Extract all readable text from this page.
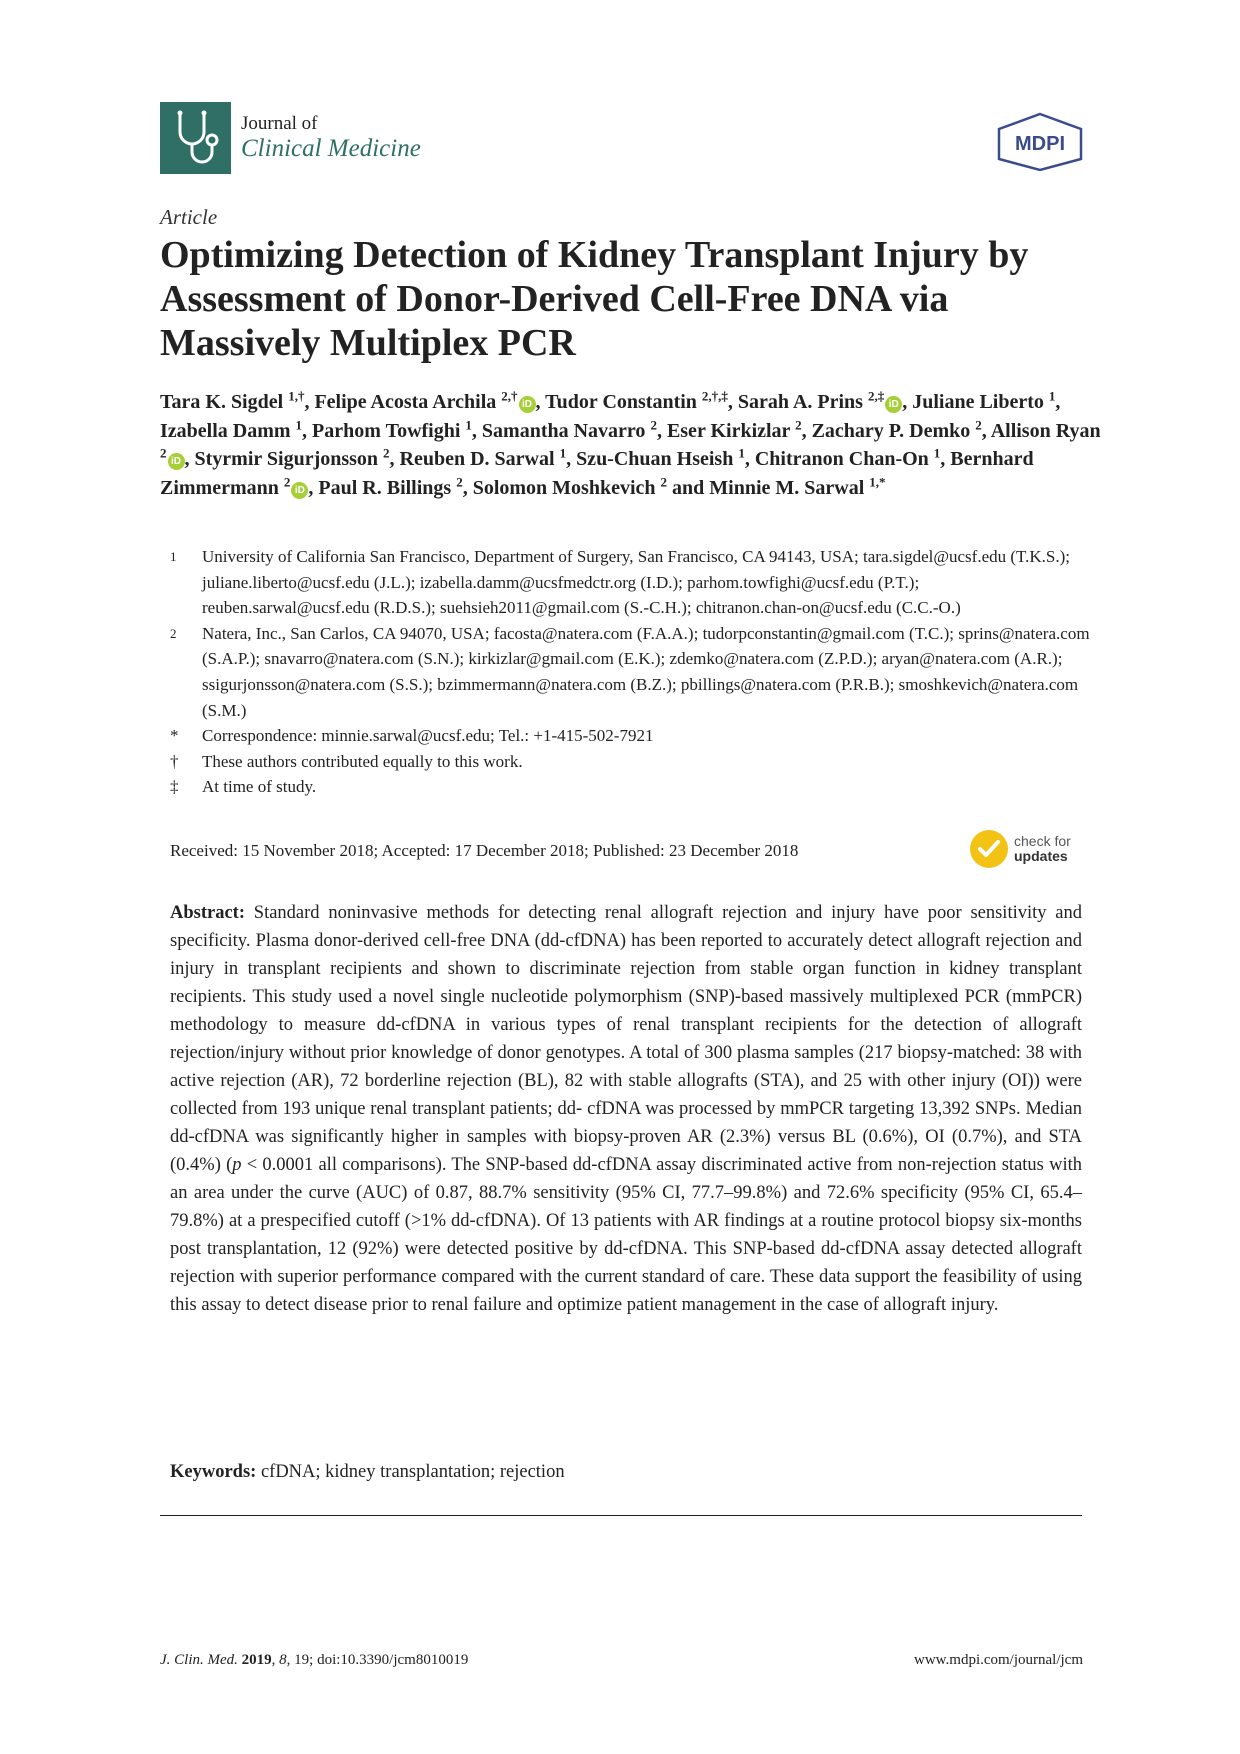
Journal of
Clinical Medicine	MDPI
Article
Optimizing Detection of Kidney Transplant Injury by Assessment of Donor-Derived Cell-Free DNA via Massively Multiplex PCR
Tara K. Sigdel $^{1,\dagger}$, Felipe Acosta Archila $^{2,\dagger}$iD , Tudor Constantin $^{2,\dagger,\ddagger}$, Sarah A. Prins $^{2,\ddagger}$iD , Juliane Liberto $^1$, Izabella Damm $^1$, Parhom Towfighi $^1$, Samantha Navarro $^2$, Eser Kirkizlar $^2$, Zachary P. Demko $^2$, Allison Ryan $^2$iD , Styrmir Sigurjonsson $^2$, Reuben D. Sarwal $^1$, Szu-Chuan Hseish $^1$, Chitranon Chan-On $^1$, Bernhard Zimmermann $^2$iD , Paul R. Billings $^2$, Solomon Moshkevich $^2$ and Minnie M. Sarwal $^{1,*}$
1	University of California San Francisco, Department of Surgery, San Francisco, CA 94143, USA; tara.sigdel@ucsf.edu (T.K.S.); juliane.liberto@ucsf.edu (J.L.); izabella.damm@ucsfmedctr.org (I.D.); parhom.towfighi@ucsf.edu (P.T.); reuben.sarwal@ucsf.edu (R.D.S.); suehsieh2011@gmail.com (S.-C.H.); chitranon.chan-on@ucsf.edu (C.C.-O.)
2	Natera, Inc., San Carlos, CA 94070, USA; facosta@natera.com (F.A.A.); tudorpconstantin@gmail.com (T.C.); sprins@natera.com (S.A.P.); snavarro@natera.com (S.N.); kirkizlar@gmail.com (E.K.); zdemko@natera.com (Z.P.D.); aryan@natera.com (A.R.); ssigurjonsson@natera.com (S.S.); bzimmermann@natera.com (B.Z.); pbillings@natera.com (P.R.B.); smoshkevich@natera.com (S.M.)
*	Correspondence: minnie.sarwal@ucsf.edu; Tel.: +1-415-502-7921
†	These authors contributed equally to this work.
‡	At time of study.
Received: 15 November 2018; Accepted: 17 December 2018; Published: 23 December 2018	check for
updates
Abstract: Standard noninvasive methods for detecting renal allograft rejection and injury have poor sensitivity and specificity. Plasma donor-derived cell-free DNA (dd-cfDNA) has been reported to accurately detect allograft rejection and injury in transplant recipients and shown to discriminate rejection from stable organ function in kidney transplant recipients. This study used a novel single nucleotide polymorphism (SNP)-based massively multiplexed PCR (mmPCR) methodology to measure dd-cfDNA in various types of renal transplant recipients for the detection of allograft rejection/injury without prior knowledge of donor genotypes. A total of 300 plasma samples (217 biopsy-matched: 38 with active rejection (AR), 72 borderline rejection (BL), 82 with stable allografts (STA), and 25 with other injury (OI)) were collected from 193 unique renal transplant patients; dd- cfDNA was processed by mmPCR targeting 13,392 SNPs. Median dd-cfDNA was significantly higher in samples with biopsy-proven AR (2.3%) versus BL (0.6%), OI (0.7%), and STA (0.4%) (p < 0.0001 all comparisons). The SNP-based dd-cfDNA assay discriminated active from non-rejection status with an area under the curve (AUC) of 0.87, 88.7% sensitivity (95% CI, 77.7–99.8%) and 72.6% specificity (95% CI, 65.4–79.8%) at a prespecified cutoff (>1% dd-cfDNA). Of 13 patients with AR findings at a routine protocol biopsy six-months post transplantation, 12 (92%) were detected positive by dd-cfDNA. This SNP-based dd-cfDNA assay detected allograft rejection with superior performance compared with the current standard of care. These data support the feasibility of using this assay to detect disease prior to renal failure and optimize patient management in the case of allograft injury.
Keywords: cfDNA; kidney transplantation; rejection
J. Clin. Med. 2019, 8, 19; doi:10.3390/jcm8010019	www.mdpi.com/journal/jcm
